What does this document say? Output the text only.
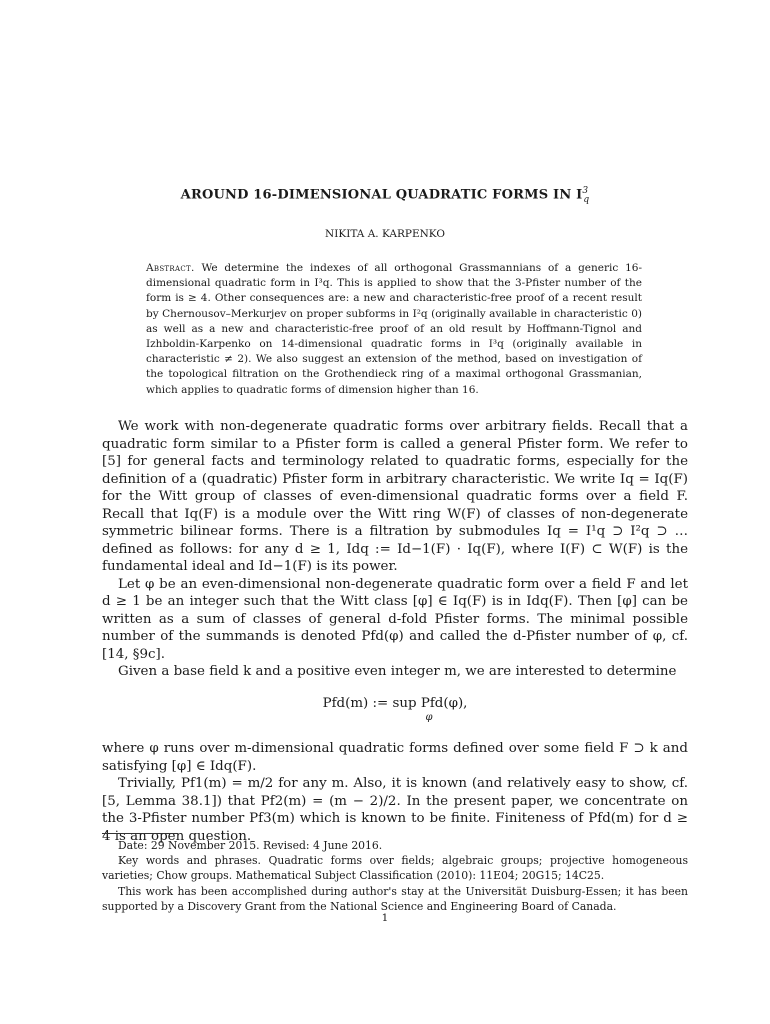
AROUND 16-DIMENSIONAL QUADRATIC FORMS IN $I^3_q$
NIKITA A. KARPENKO
Abstract. We determine the indexes of all orthogonal Grassmannians of a generic 16-dimensional quadratic form in I³q. This is applied to show that the 3-Pfister number of the form is ≥ 4. Other consequences are: a new and characteristic-free proof of a recent result by Chernousov–Merkurjev on proper subforms in I²q (originally available in characteristic 0) as well as a new and characteristic-free proof of an old result by Hoffmann-Tignol and Izhboldin-Karpenko on 14-dimensional quadratic forms in I³q (originally available in characteristic ≠ 2). We also suggest an extension of the method, based on investigation of the topological filtration on the Grothendieck ring of a maximal orthogonal Grassmanian, which applies to quadratic forms of dimension higher than 16.

We work with non-degenerate quadratic forms over arbitrary fields. Recall that a quadratic form similar to a Pfister form is called a general Pfister form. We refer to [5] for general facts and terminology related to quadratic forms, especially for the definition of a (quadratic) Pfister form in arbitrary characteristic. We write Iq = Iq(F) for the Witt group of classes of even-dimensional quadratic forms over a field F. Recall that Iq(F) is a module over the Witt ring W(F) of classes of non-degenerate symmetric bilinear forms. There is a filtration by submodules Iq = I¹q ⊃ I²q ⊃ … defined as follows: for any d ≥ 1, Idq := Id−1(F) · Iq(F), where I(F) ⊂ W(F) is the fundamental ideal and Id−1(F) is its power.

Let φ be an even-dimensional non-degenerate quadratic form over a field F and let d ≥ 1 be an integer such that the Witt class [φ] ∈ Iq(F) is in Idq(F). Then [φ] can be written as a sum of classes of general d-fold Pfister forms. The minimal possible number of the summands is denoted Pfd(φ) and called the d-Pfister number of φ, cf. [14, §9c].

Given a base field k and a positive even integer m, we are interested to determine

Pfd(m) := sup Pfd(φ),
φ

where φ runs over m-dimensional quadratic forms defined over some field F ⊃ k and satisfying [φ] ∈ Idq(F).

Trivially, Pf1(m) = m/2 for any m. Also, it is known (and relatively easy to show, cf. [5, Lemma 38.1]) that Pf2(m) = (m − 2)/2. In the present paper, we concentrate on the 3-Pfister number Pf3(m) which is known to be finite. Finiteness of Pfd(m) for d ≥ 4 is an open question.

Date: 29 November 2015. Revised: 4 June 2016.

Key words and phrases. Quadratic forms over fields; algebraic groups; projective homogeneous varieties; Chow groups. Mathematical Subject Classification (2010): 11E04; 20G15; 14C25.

This work has been accomplished during author's stay at the Universität Duisburg-Essen; it has been supported by a Discovery Grant from the National Science and Engineering Board of Canada.

1
